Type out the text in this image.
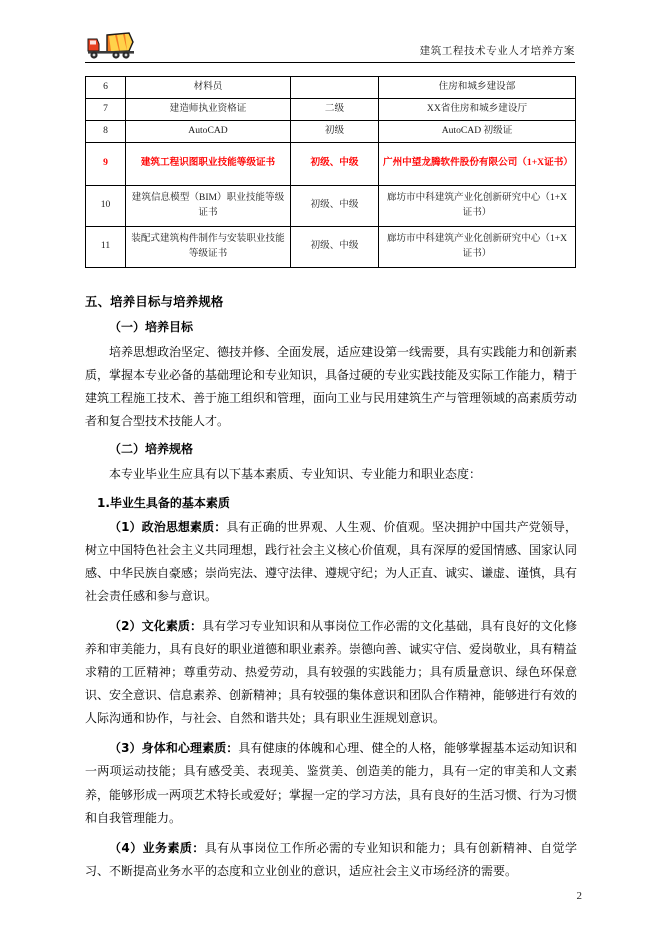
建筑工程技术专业人才培养方案
6	材料员		住房和城乡建设部
7	建造师执业资格证	二级	XX省住房和城乡建设厅
8	AutoCAD	初级	AutoCAD 初级证
9	建筑工程识图职业技能等级证书	初级、中级	广州中望龙腾软件股份有限公司（1+X证书）
10	建筑信息模型（BIM）职业技能等级证书	初级、中级	廊坊市中科建筑产业化创新研究中心（1+X证书）
11	装配式建筑构件制作与安装职业技能等级证书	初级、中级	廊坊市中科建筑产业化创新研究中心（1+X证书）
五、培养目标与培养规格
（一）培养目标

培养思想政治坚定、德技并修、全面发展，适应建设第一线需要，具有实践能力和创新素质，掌握本专业必备的基础理论和专业知识，具备过硬的专业实践技能及实际工作能力，精于建筑工程施工技术、善于施工组织和管理，面向工业与民用建筑生产与管理领域的高素质劳动者和复合型技术技能人才。

（二）培养规格

本专业毕业生应具有以下基本素质、专业知识、专业能力和职业态度：

1.毕业生具备的基本素质

（1）政治思想素质：具有正确的世界观、人生观、价值观。坚决拥护中国共产党领导，树立中国特色社会主义共同理想，践行社会主义核心价值观，具有深厚的爱国情感、国家认同感、中华民族自豪感；崇尚宪法、遵守法律、遵规守纪；为人正直、诚实、谦虚、谨慎，具有社会责任感和参与意识。

（2）文化素质：具有学习专业知识和从事岗位工作必需的文化基础，具有良好的文化修养和审美能力，具有良好的职业道德和职业素养。崇德向善、诚实守信、爱岗敬业，具有精益求精的工匠精神；尊重劳动、热爱劳动，具有较强的实践能力；具有质量意识、绿色环保意识、安全意识、信息素养、创新精神；具有较强的集体意识和团队合作精神，能够进行有效的人际沟通和协作，与社会、自然和谐共处；具有职业生涯规划意识。

（3）身体和心理素质：具有健康的体魄和心理、健全的人格，能够掌握基本运动知识和一两项运动技能；具有感受美、表现美、鉴赏美、创造美的能力，具有一定的审美和人文素养，能够形成一两项艺术特长或爱好；掌握一定的学习方法，具有良好的生活习惯、行为习惯和自我管理能力。

（4）业务素质：具有从事岗位工作所必需的专业知识和能力；具有创新精神、自觉学习、不断提高业务水平的态度和立业创业的意识，适应社会主义市场经济的需要。

2
